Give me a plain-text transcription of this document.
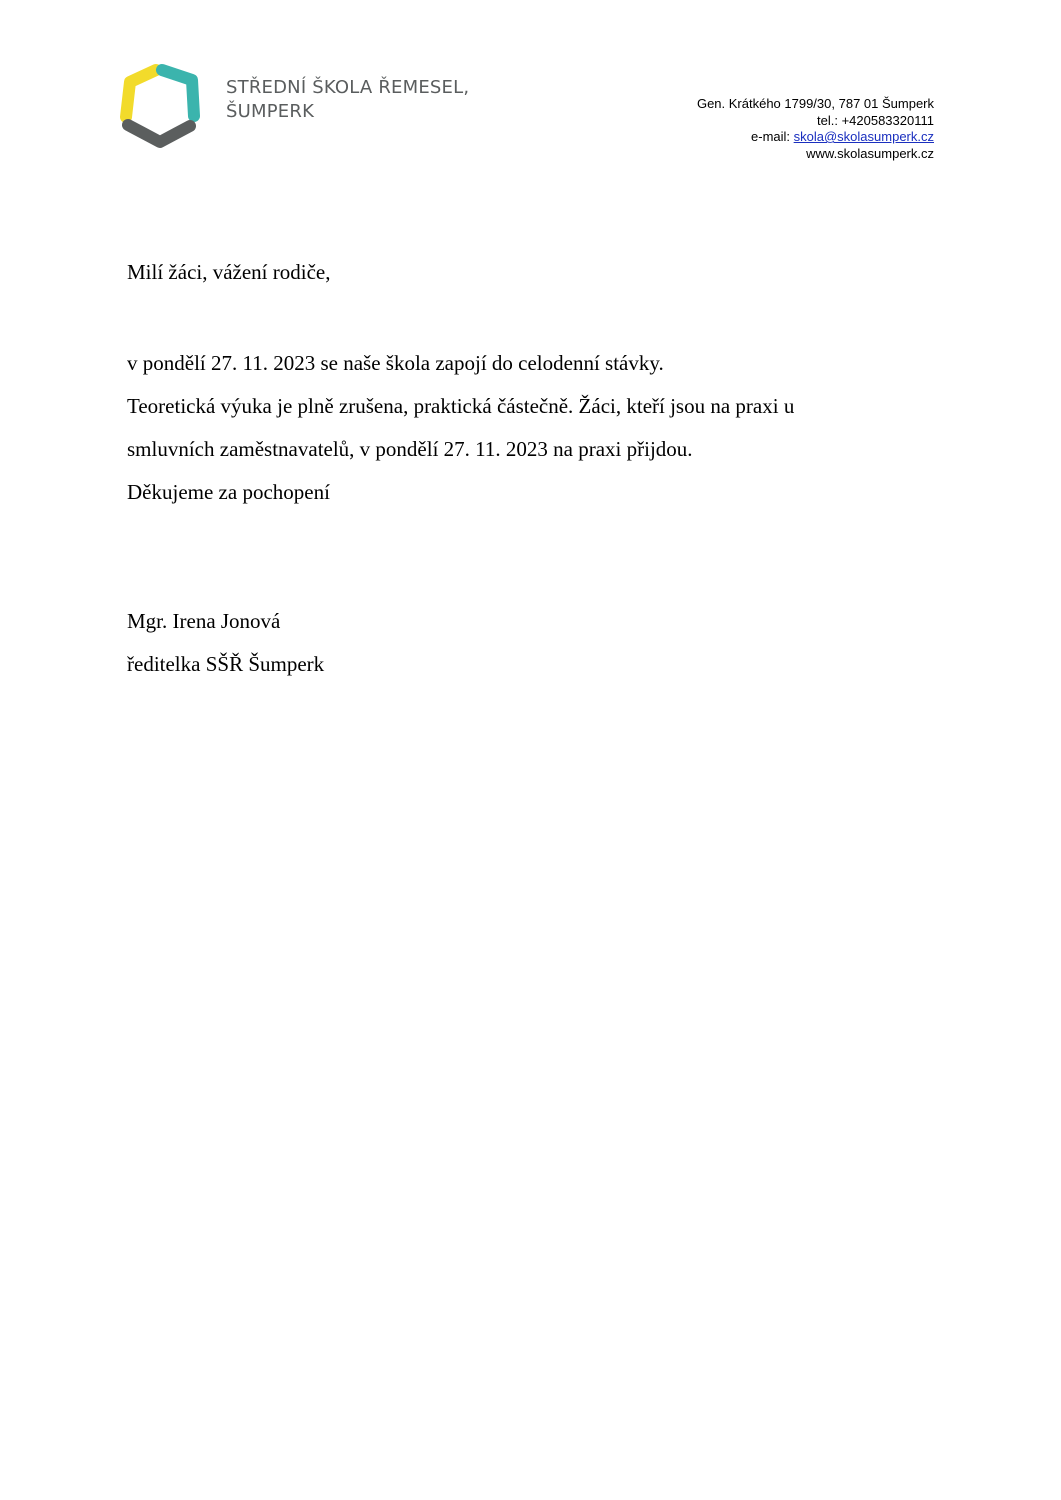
STŘEDNÍ ŠKOLA ŘEMESEL,
ŠUMPERK	Gen. Krátkého 1799/30, 787 01 Šumperk
tel.: +420583320111
e-mail: skola@skolasumperk.cz
www.skolasumperk.cz
Milí žáci, vážení rodiče,
v pondělí 27. 11. 2023 se naše škola zapojí do celodenní stávky.
Teoretická výuka je plně zrušena, praktická částečně. Žáci, kteří jsou na praxi u
smluvních zaměstnavatelů, v pondělí 27. 11. 2023 na praxi přijdou.
Děkujeme za pochopení
Mgr. Irena Jonová
ředitelka SŠŘ Šumperk
